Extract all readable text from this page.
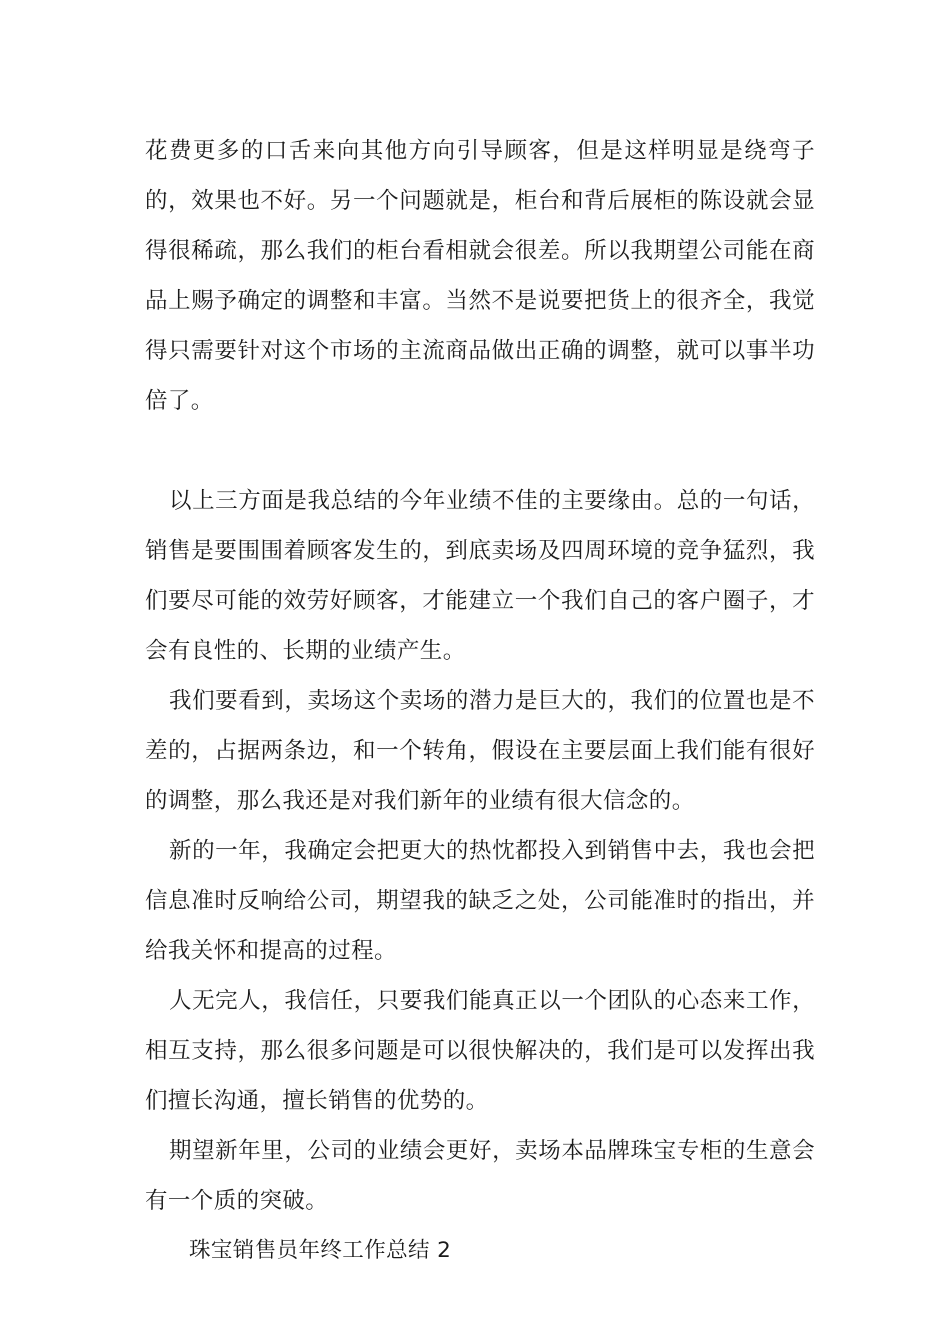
花费更多的口舌来向其他方向引导顾客，但是这样明显是绕弯子的，效果也不好。另一个问题就是，柜台和背后展柜的陈设就会显得很稀疏，那么我们的柜台看相就会很差。所以我期望公司能在商品上赐予确定的调整和丰富。当然不是说要把货上的很齐全，我觉得只需要针对这个市场的主流商品做出正确的调整，就可以事半功倍了。

以上三方面是我总结的今年业绩不佳的主要缘由。总的一句话，销售是要围围着顾客发生的，到底卖场及四周环境的竞争猛烈，我们要尽可能的效劳好顾客，才能建立一个我们自己的客户圈子，才会有良性的、长期的业绩产生。

我们要看到，卖场这个卖场的潜力是巨大的，我们的位置也是不差的，占据两条边，和一个转角，假设在主要层面上我们能有很好的调整，那么我还是对我们新年的业绩有很大信念的。

新的一年，我确定会把更大的热忱都投入到销售中去，我也会把信息准时反响给公司，期望我的缺乏之处，公司能准时的指出，并给我关怀和提高的过程。

人无完人，我信任，只要我们能真正以一个团队的心态来工作，相互支持，那么很多问题是可以很快解决的，我们是可以发挥出我们擅长沟通，擅长销售的优势的。

期望新年里，公司的业绩会更好，卖场本品牌珠宝专柜的生意会有一个质的突破。

珠宝销售员年终工作总结 2
